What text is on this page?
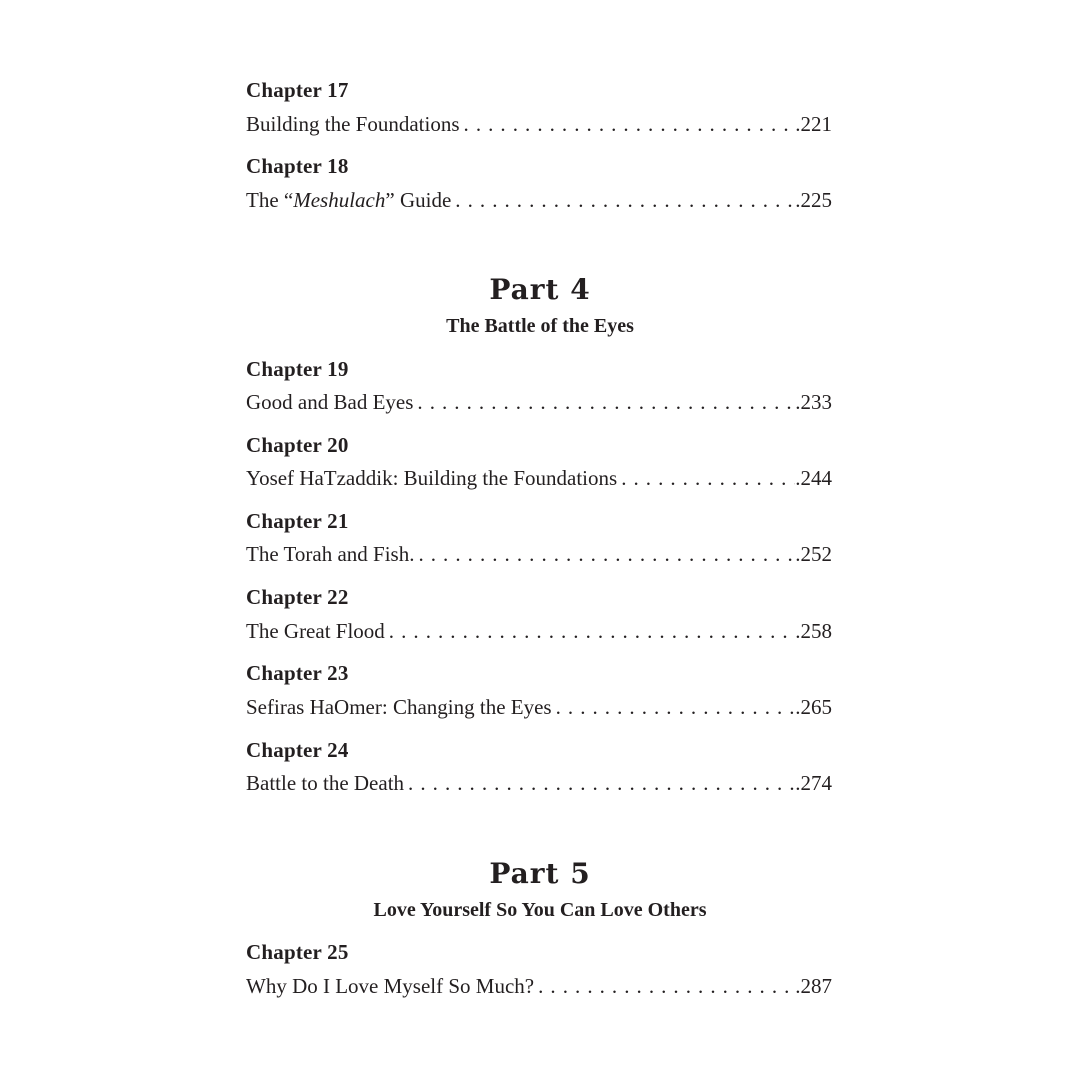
Chapter 17
Building the Foundations . . .	.221
Chapter 18
The “Meshulach” Guide . . .	.225
Part 4
The Battle of the Eyes
Chapter 19
Good and Bad Eyes . . .	.233
Chapter 20
Yosef HaTzaddik: Building the Foundations . . .	.244
Chapter 21
The Torah and Fish. . . .	.252
Chapter 22
The Great Flood . . .	.258
Chapter 23
Sefiras HaOmer: Changing the Eyes . . .	.265
Chapter 24
Battle to the Death . . .	.274
Part 5
Love Yourself So You Can Love Others
Chapter 25
Why Do I Love Myself So Much? . . .	.287
